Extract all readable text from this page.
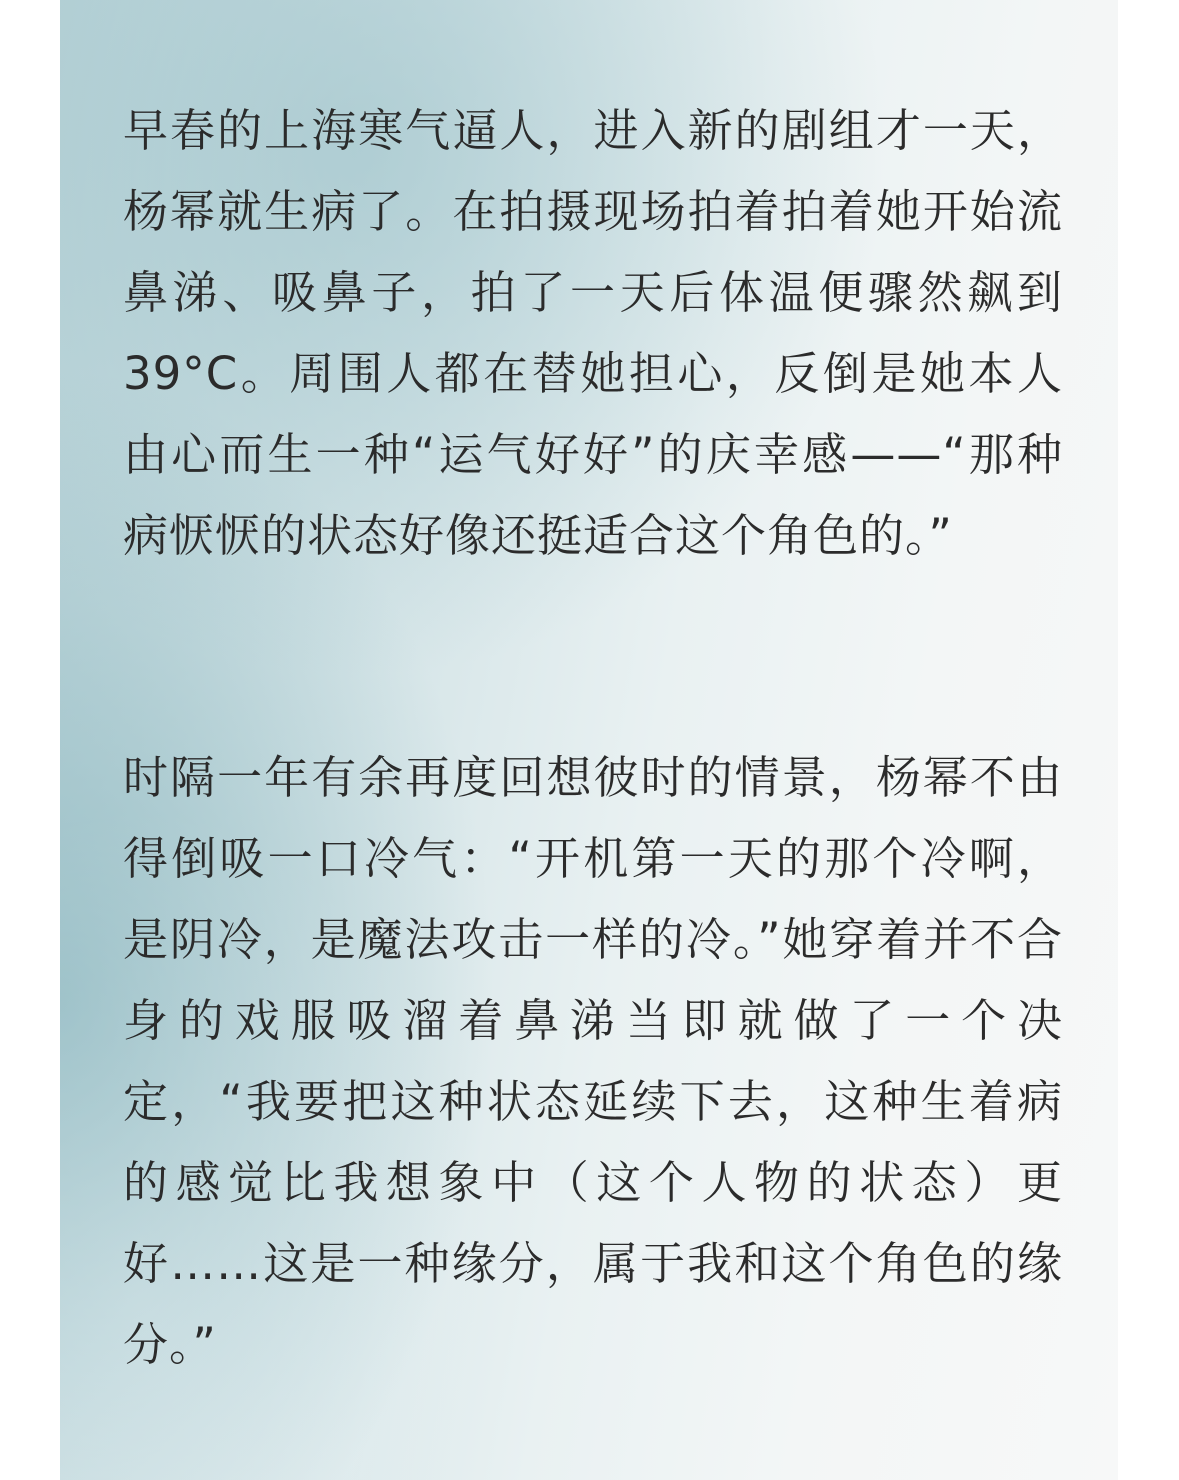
早春的上海寒气逼人，进入新的剧组才一天，杨幂就生病了。在拍摄现场拍着拍着她开始流鼻涕、吸鼻子，拍了一天后体温便骤然飙到39°C。周围人都在替她担心，反倒是她本人由心而生一种“运气好好”的庆幸感——“那种病恹恹的状态好像还挺适合这个角色的。”

时隔一年有余再度回想彼时的情景，杨幂不由得倒吸一口冷气：“开机第一天的那个冷啊，是阴冷，是魔法攻击一样的冷。”她穿着并不合身的戏服吸溜着鼻涕当即就做了一个决定，“我要把这种状态延续下去，这种生着病的感觉比我想象中（这个人物的状态）更好……这是一种缘分，属于我和这个角色的缘分。”
